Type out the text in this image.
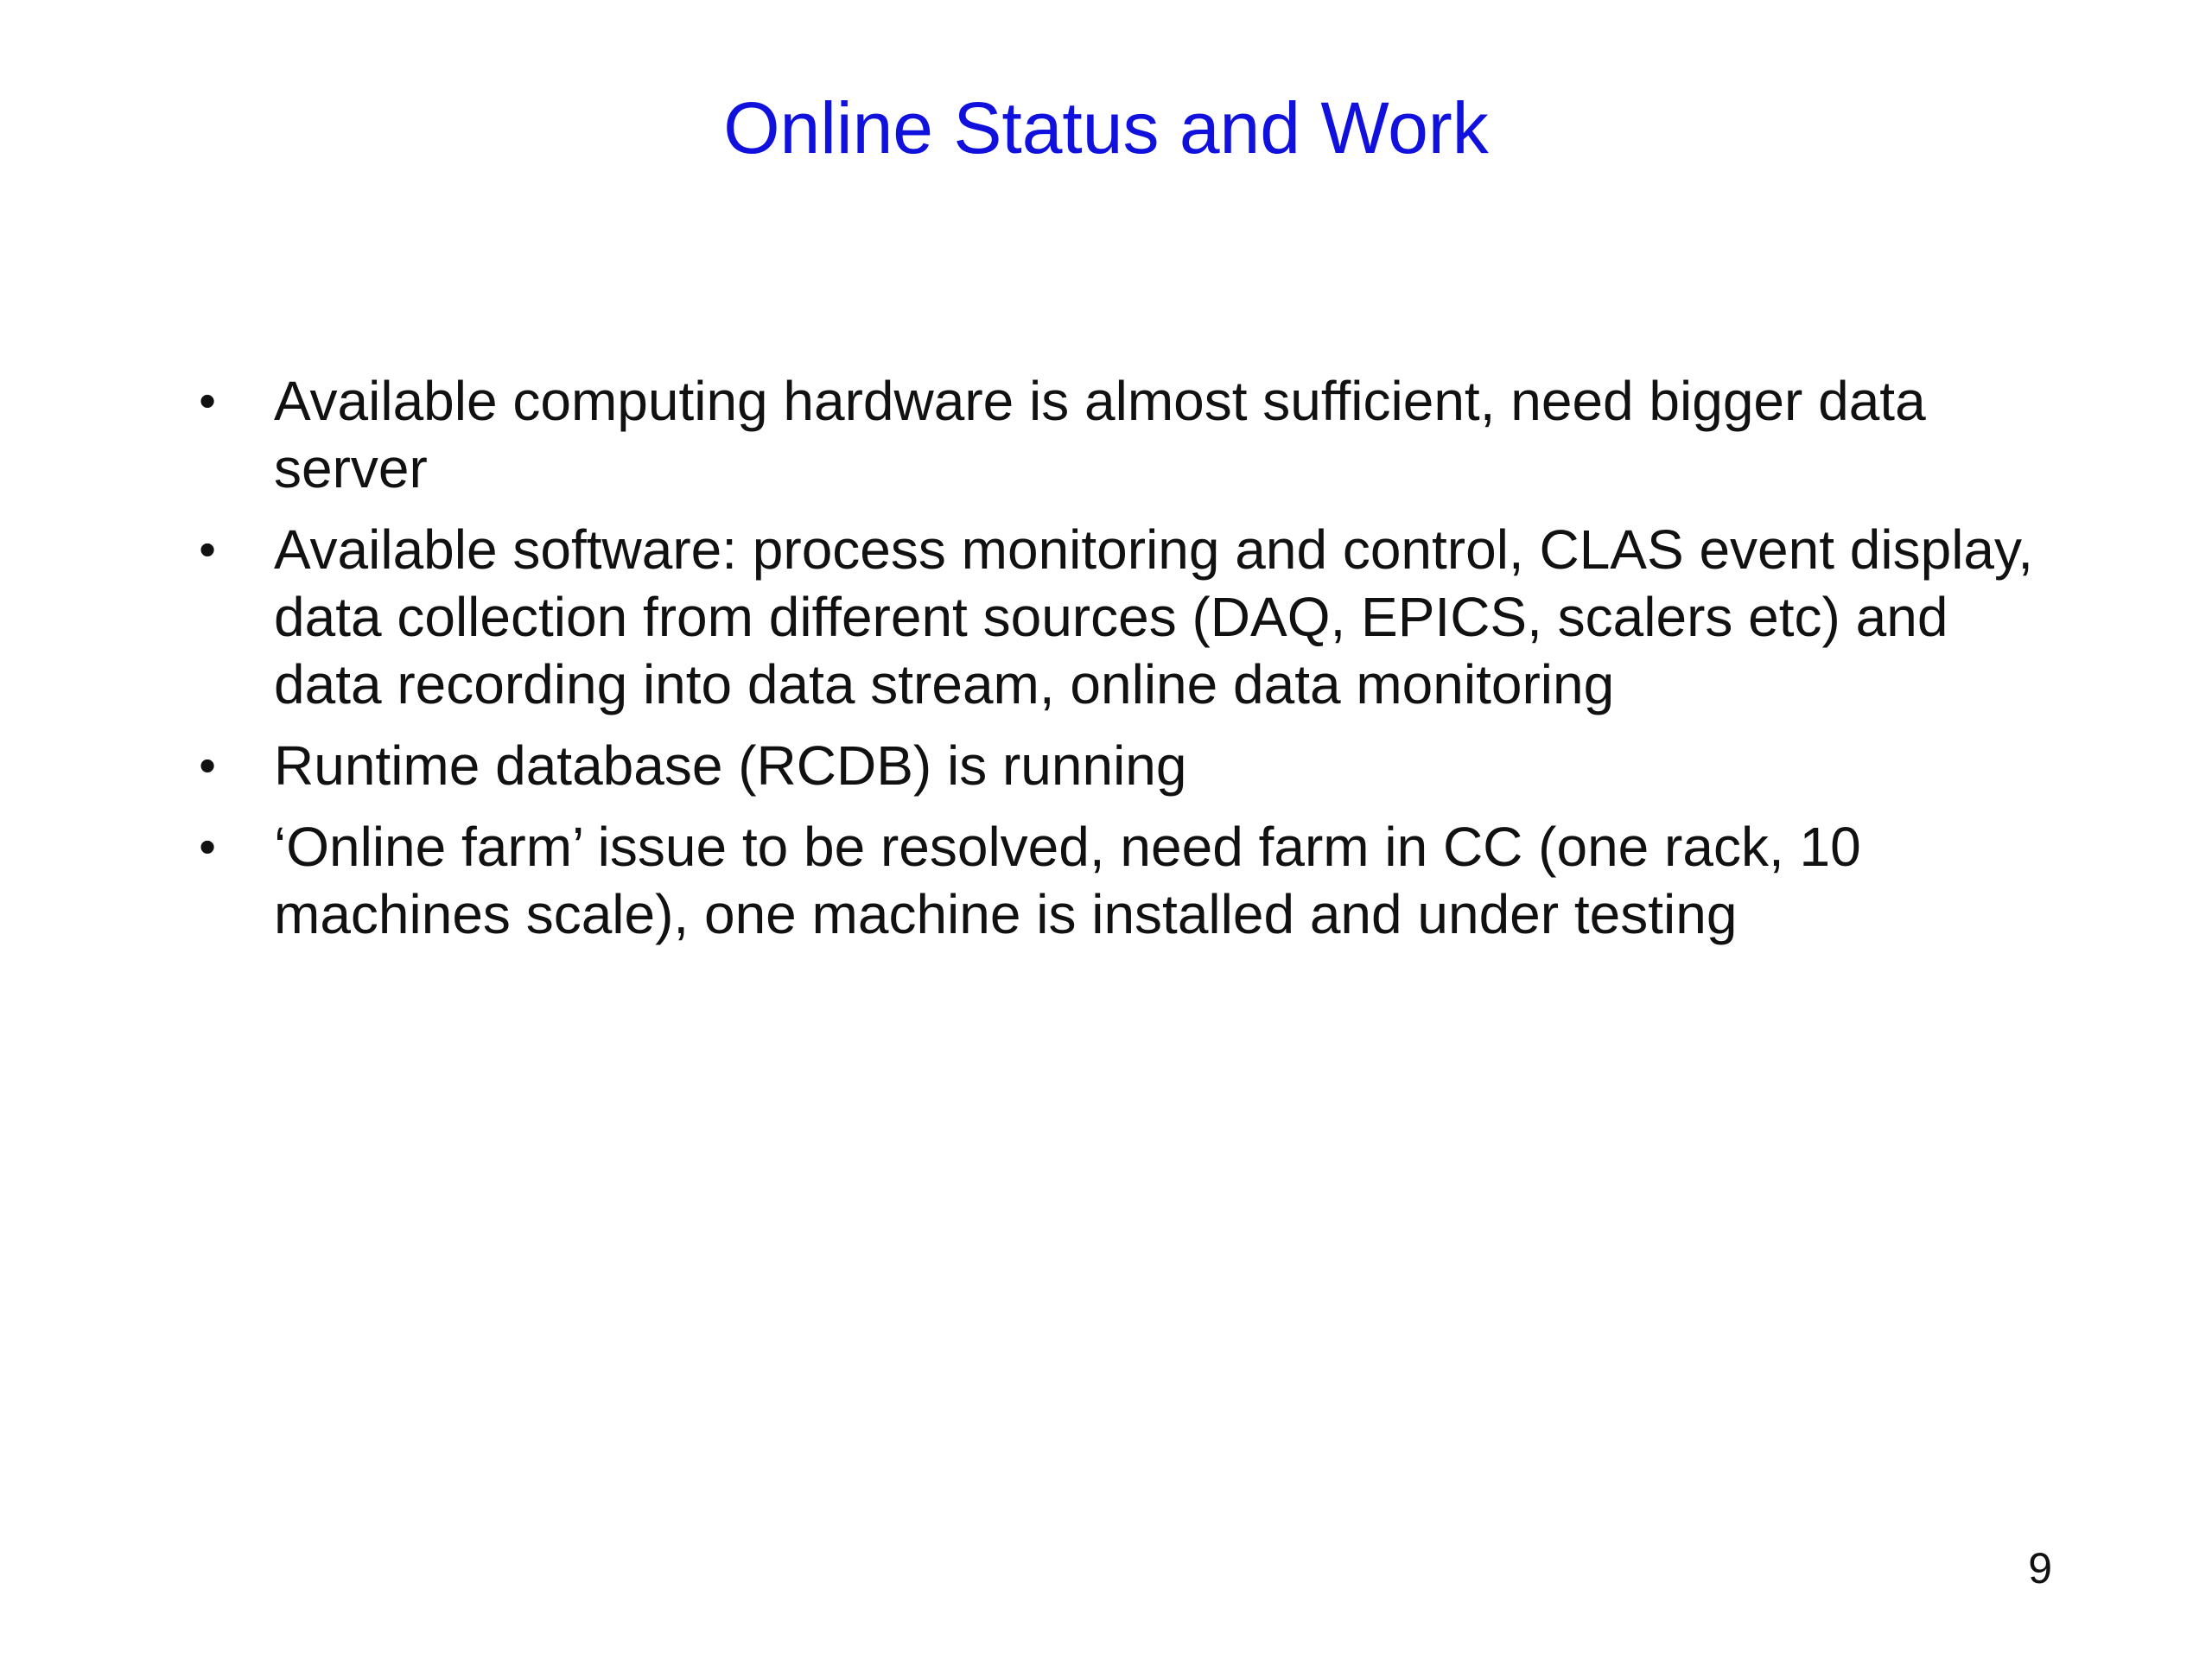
Online Status and Work
• Available computing hardware is almost sufficient, need bigger data server
• Available software: process monitoring and control, CLAS event display, data collection from different sources (DAQ, EPICS, scalers etc) and data recording into data stream, online data monitoring
• Runtime database (RCDB) is running
• ‘Online farm’ issue to be resolved, need farm in CC (one rack, 10 machines scale), one machine is installed and under testing
9
